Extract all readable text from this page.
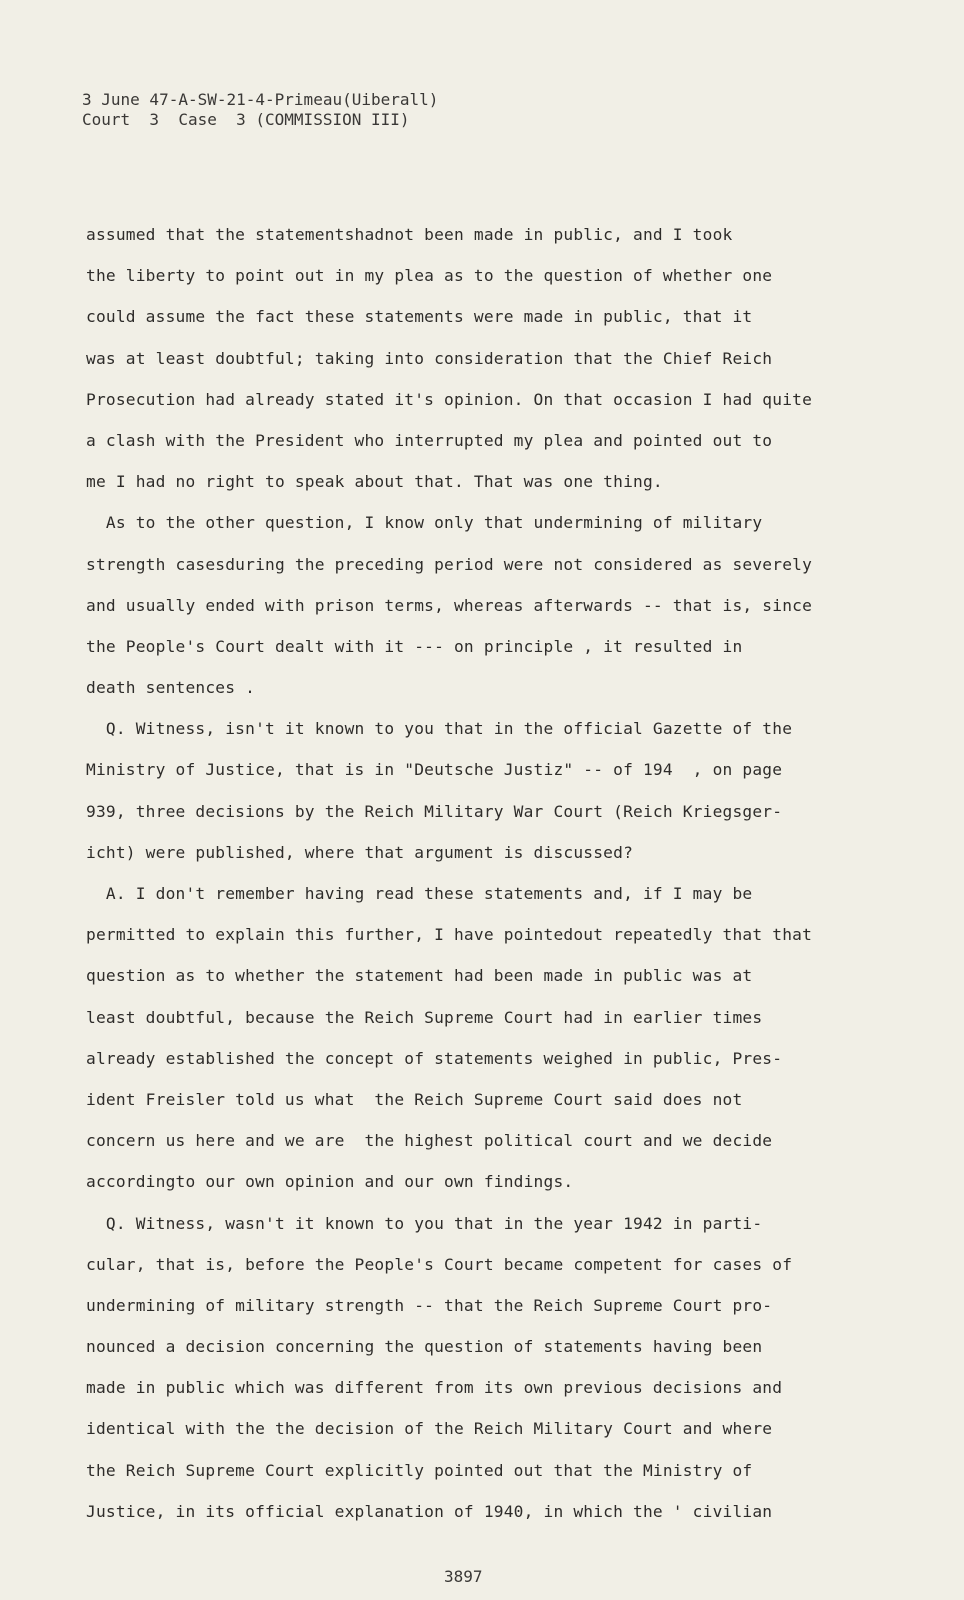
3 June 47-A-SW-21-4-Primeau(Uiberall)
Court  3  Case  3 (COMMISSION III)
assumed that the statementshadnot been made in public, and I took
the liberty to point out in my plea as to the question of whether one
could assume the fact these statements were made in public, that it
was at least doubtful; taking into consideration that the Chief Reich
Prosecution had already stated it's opinion. On that occasion I had quite
a clash with the President who interrupted my plea and pointed out to
me I had no right to speak about that. That was one thing.
As to the other question, I know only that undermining of military
strength casesduring the preceding period were not considered as severely
and usually ended with prison terms, whereas afterwards -- that is, since
the People's Court dealt with it --- on principle , it resulted in
death sentences .
Q. Witness, isn't it known to you that in the official Gazette of the
Ministry of Justice, that is in "Deutsche Justiz" -- of 194  , on page
939, three decisions by the Reich Military War Court (Reich Kriegsger-
icht) were published, where that argument is discussed?
A. I don't remember having read these statements and, if I may be
permitted to explain this further, I have pointedout repeatedly that that
question as to whether the statement had been made in public was at
least doubtful, because the Reich Supreme Court had in earlier times
already established the concept of statements weighed in public, Pres-
ident Freisler told us what  the Reich Supreme Court said does not
concern us here and we are  the highest political court and we decide
accordingto our own opinion and our own findings.
Q. Witness, wasn't it known to you that in the year 1942 in parti-
cular, that is, before the People's Court became competent for cases of
undermining of military strength -- that the Reich Supreme Court pro-
nounced a decision concerning the question of statements having been
made in public which was different from its own previous decisions and
identical with the the decision of the Reich Military Court and where
the Reich Supreme Court explicitly pointed out that the Ministry of
Justice, in its official explanation of 1940, in which the ' civilian
3897
